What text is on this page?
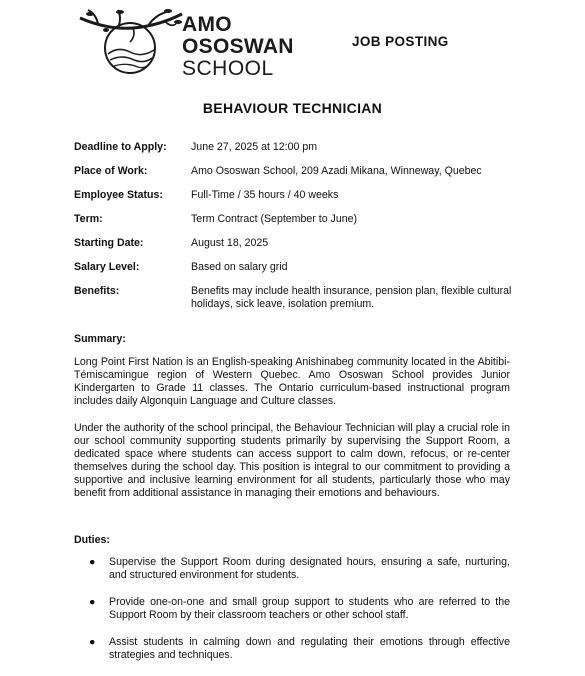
AMO
OSOSWAN
SCHOOL
JOB POSTING
BEHAVIOUR TECHNICIAN
Deadline to Apply:	June 27, 2025 at 12:00 pm
Place of Work:	Amo Ososwan School, 209 Azadi Mikana, Winneway, Quebec
Employee Status:	Full-Time / 35 hours / 40 weeks
Term:	Term Contract (September to June)
Starting Date:	August 18, 2025
Salary Level:	Based on salary grid
Benefits:	Benefits may include health insurance, pension plan, flexible cultural holidays, sick leave, isolation premium.
Summary:

Long Point First Nation is an English-speaking Anishinabeg community located in the Abitibi-Témiscamingue region of Western Quebec. Amo Ososwan School provides Junior Kindergarten to Grade 11 classes. The Ontario curriculum-based instructional program includes daily Algonquin Language and Culture classes.

Under the authority of the school principal, the Behaviour Technician will play a crucial role in our school community supporting students primarily by supervising the Support Room, a dedicated space where students can access support to calm down, refocus, or re-center themselves during the school day. This position is integral to our commitment to providing a supportive and inclusive learning environment for all students, particularly those who may benefit from additional assistance in managing their emotions and behaviours.

Duties:
● Supervise the Support Room during designated hours, ensuring a safe, nurturing, and structured environment for students.
● Provide one-on-one and small group support to students who are referred to the Support Room by their classroom teachers or other school staff.
● Assist students in calming down and regulating their emotions through effective strategies and techniques.
